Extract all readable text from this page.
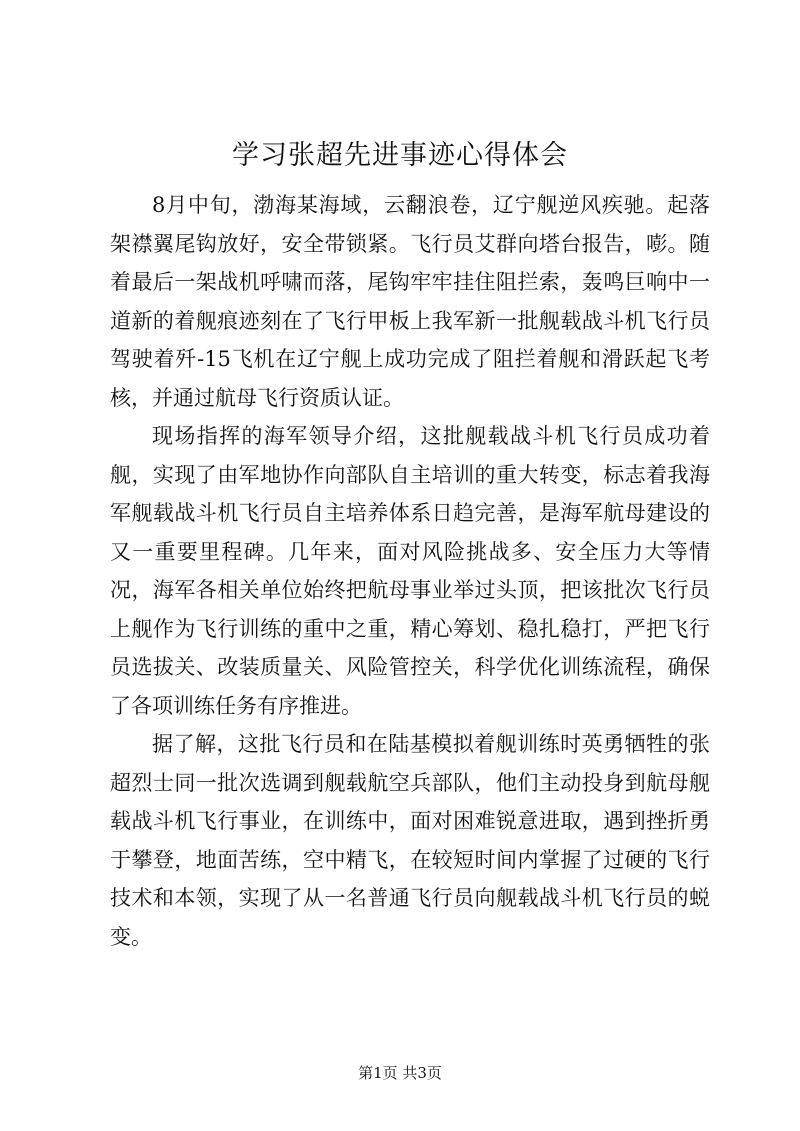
学习张超先进事迹心得体会

8月中旬，渤海某海域，云翻浪卷，辽宁舰逆风疾驰。起落架襟翼尾钩放好，安全带锁紧。飞行员艾群向塔台报告，嘭。随着最后一架战机呼啸而落，尾钩牢牢挂住阻拦索，轰鸣巨响中一道新的着舰痕迹刻在了飞行甲板上我军新一批舰载战斗机飞行员驾驶着歼-15飞机在辽宁舰上成功完成了阻拦着舰和滑跃起飞考核，并通过航母飞行资质认证。

现场指挥的海军领导介绍，这批舰载战斗机飞行员成功着舰，实现了由军地协作向部队自主培训的重大转变，标志着我海军舰载战斗机飞行员自主培养体系日趋完善，是海军航母建设的又一重要里程碑。几年来，面对风险挑战多、安全压力大等情况，海军各相关单位始终把航母事业举过头顶，把该批次飞行员上舰作为飞行训练的重中之重，精心筹划、稳扎稳打，严把飞行员选拔关、改装质量关、风险管控关，科学优化训练流程，确保了各项训练任务有序推进。

据了解，这批飞行员和在陆基模拟着舰训练时英勇牺牲的张超烈士同一批次选调到舰载航空兵部队，他们主动投身到航母舰载战斗机飞行事业，在训练中，面对困难锐意进取，遇到挫折勇于攀登，地面苦练，空中精飞，在较短时间内掌握了过硬的飞行技术和本领，实现了从一名普通飞行员向舰载战斗机飞行员的蜕变。

第1页 共3页
